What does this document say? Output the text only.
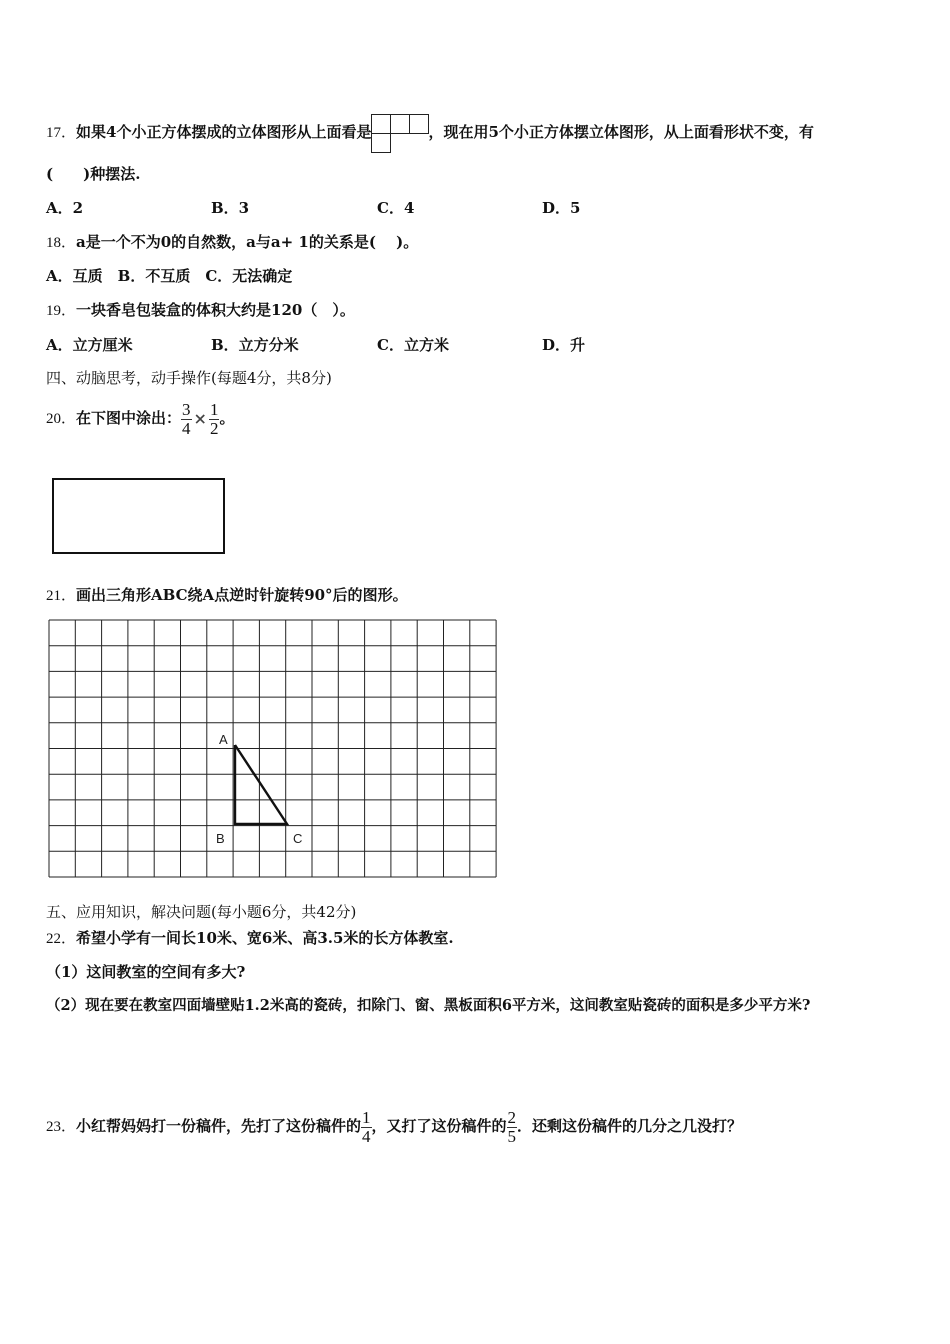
17．如果4个小正方体摆成的立体图形从上面看是	，现在用5个小正方体摆立体图形，从上面看形状不变，有
(　　)种摆法.
A．2	B．3	C．4	D．5
18．a是一个不为0的自然数，a与a+ 1的关系是(　 )。
A．互质　B．不互质　C．无法确定
19．一块香皂包装盒的体积大约是120（　）。
A．立方厘米	B．立方分米	C．立方米	D．升
四、动脑思考，动手操作(每题4分，共8分)
20．在下图中涂出： $\frac{3}{4} \times \frac{1}{2}$ 。
21．画出三角形ABC绕A点逆时针旋转90°后的图形。
A
B	C
五、应用知识，解决问题(每小题6分，共42分)
22．希望小学有一间长10米、宽6米、高3.5米的长方体教室.
（1）这间教室的空间有多大?
（2）现在要在教室四面墙壁贴1.2米高的瓷砖，扣除门、窗、黑板面积6平方米，这间教室贴瓷砖的面积是多少平方米?
23．小红帮妈妈打一份稿件，先打了这份稿件的 $\frac{1}{4}$ ，又打了这份稿件的 $\frac{2}{5}$ ．还剩这份稿件的几分之几没打？
